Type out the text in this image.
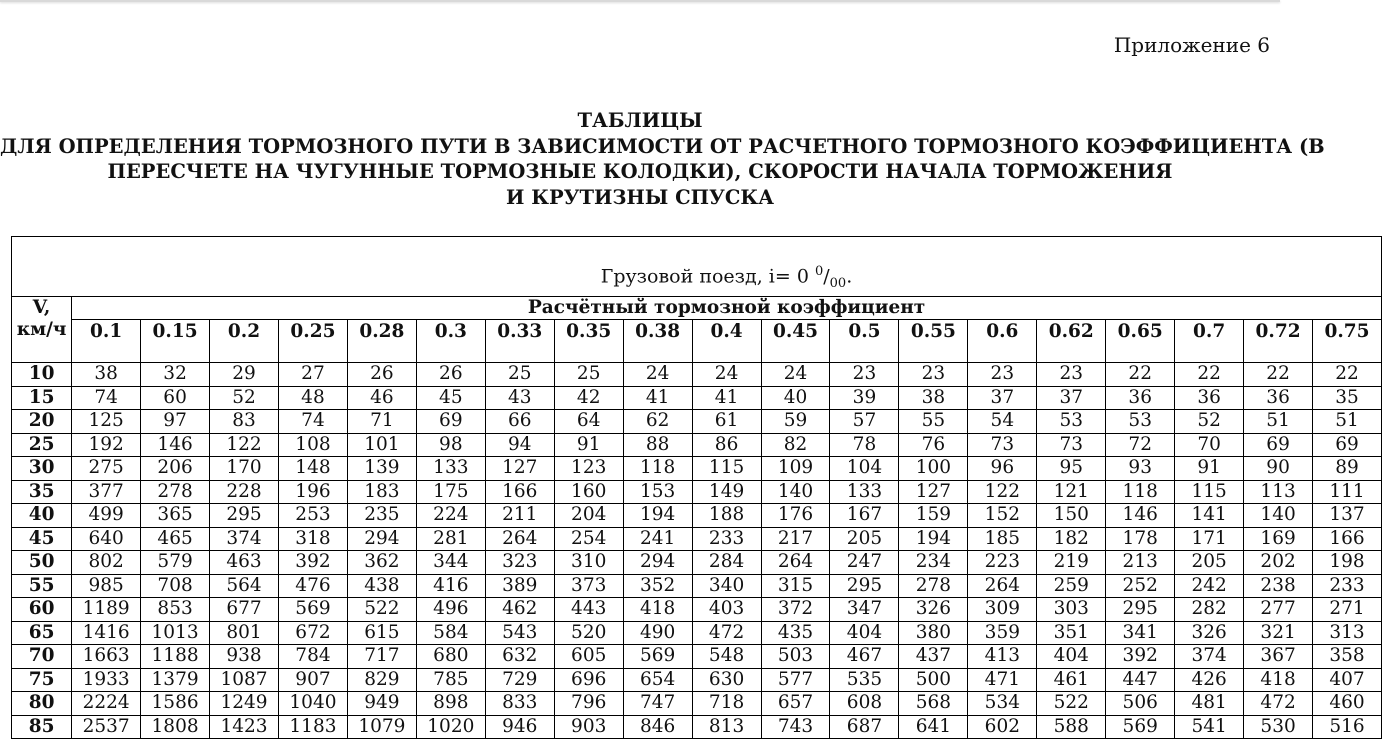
Приложение 6
ТАБЛИЦЫ
ДЛЯ ОПРЕДЕЛЕНИЯ ТОРМОЗНОГО ПУТИ В ЗАВИСИМОСТИ ОТ РАСЧЕТНОГО ТОРМОЗНОГО КОЭФФИЦИЕНТА (В
ПЕРЕСЧЕТЕ НА ЧУГУННЫЕ ТОРМОЗНЫЕ КОЛОДКИ), СКОРОСТИ НАЧАЛА ТОРМОЖЕНИЯ
И КРУТИЗНЫ СПУСКА
Грузовой поезд, i= 0 $^0/_{00}$.																			
V, км/ч	Расчётный тормозной коэффициент																		
	0.1	0.15	0.2	0.25	0.28	0.3	0.33	0.35	0.38	0.4	0.45	0.5	0.55	0.6	0.62	0.65	0.7	0.72	0.75
10	38	32	29	27	26	26	25	25	24	24	24	23	23	23	23	22	22	22	22
15	74	60	52	48	46	45	43	42	41	41	40	39	38	37	37	36	36	36	35
20	125	97	83	74	71	69	66	64	62	61	59	57	55	54	53	53	52	51	51
25	192	146	122	108	101	98	94	91	88	86	82	78	76	73	73	72	70	69	69
30	275	206	170	148	139	133	127	123	118	115	109	104	100	96	95	93	91	90	89
35	377	278	228	196	183	175	166	160	153	149	140	133	127	122	121	118	115	113	111
40	499	365	295	253	235	224	211	204	194	188	176	167	159	152	150	146	141	140	137
45	640	465	374	318	294	281	264	254	241	233	217	205	194	185	182	178	171	169	166
50	802	579	463	392	362	344	323	310	294	284	264	247	234	223	219	213	205	202	198
55	985	708	564	476	438	416	389	373	352	340	315	295	278	264	259	252	242	238	233
60	1189	853	677	569	522	496	462	443	418	403	372	347	326	309	303	295	282	277	271
65	1416	1013	801	672	615	584	543	520	490	472	435	404	380	359	351	341	326	321	313
70	1663	1188	938	784	717	680	632	605	569	548	503	467	437	413	404	392	374	367	358
75	1933	1379	1087	907	829	785	729	696	654	630	577	535	500	471	461	447	426	418	407
80	2224	1586	1249	1040	949	898	833	796	747	718	657	608	568	534	522	506	481	472	460
85	2537	1808	1423	1183	1079	1020	946	903	846	813	743	687	641	602	588	569	541	530	516
